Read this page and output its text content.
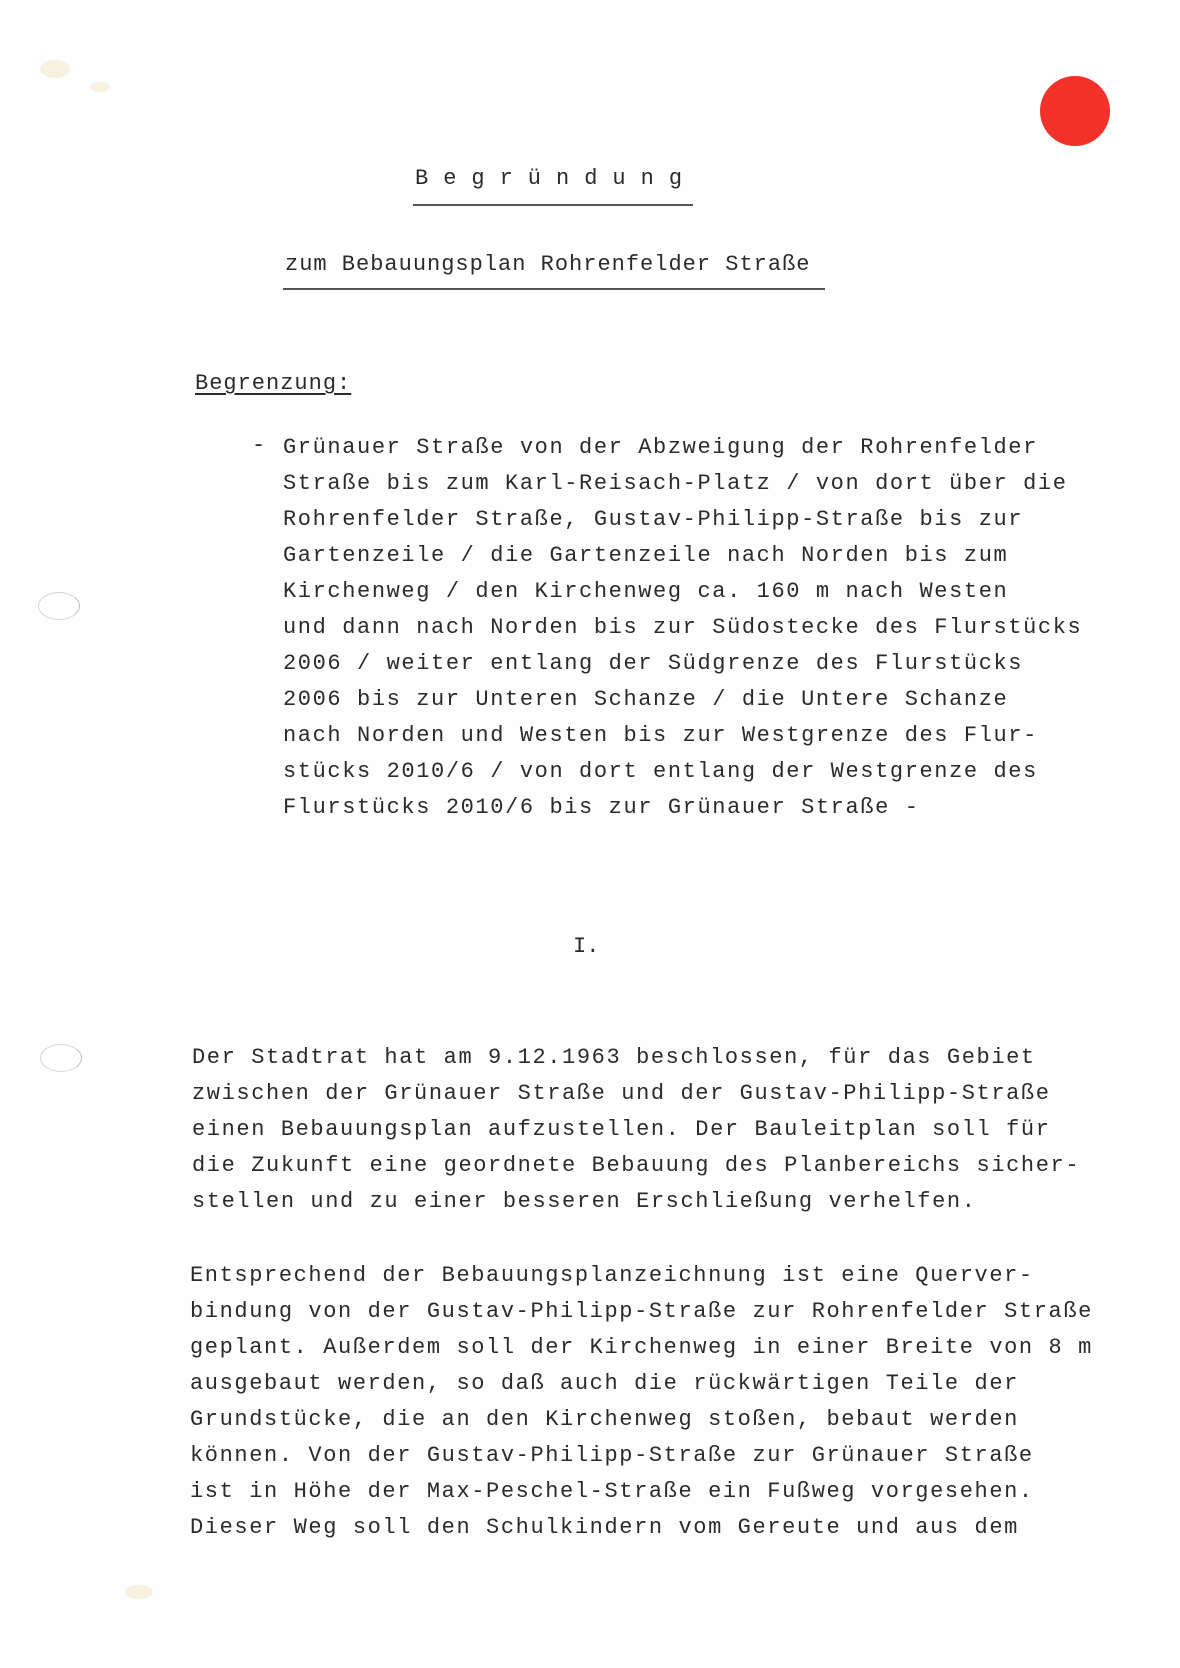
Begründung
zum Bebauungsplan Rohrenfelder Straße
Begrenzung:
- Grünauer Straße von der Abzweigung der Rohrenfelder
Straße bis zum Karl-Reisach-Platz / von dort über die
Rohrenfelder Straße, Gustav-Philipp-Straße bis zur
Gartenzeile / die Gartenzeile nach Norden bis zum
Kirchenweg / den Kirchenweg ca. 160 m nach Westen
und dann nach Norden bis zur Südostecke des Flurstücks
2006 / weiter entlang der Südgrenze des Flurstücks
2006 bis zur Unteren Schanze / die Untere Schanze
nach Norden und Westen bis zur Westgrenze des Flur-
stücks 2010/6 / von dort entlang der Westgrenze des
Flurstücks 2010/6 bis zur Grünauer Straße -
I.
Der Stadtrat hat am 9.12.1963 beschlossen, für das Gebiet
zwischen der Grünauer Straße und der Gustav-Philipp-Straße
einen Bebauungsplan aufzustellen. Der Bauleitplan soll für
die Zukunft eine geordnete Bebauung des Planbereichs sicher-
stellen und zu einer besseren Erschließung verhelfen.
Entsprechend der Bebauungsplanzeichnung ist eine Querver-
bindung von der Gustav-Philipp-Straße zur Rohrenfelder Straße
geplant. Außerdem soll der Kirchenweg in einer Breite von 8 m
ausgebaut werden, so daß auch die rückwärtigen Teile der
Grundstücke, die an den Kirchenweg stoßen, bebaut werden
können. Von der Gustav-Philipp-Straße zur Grünauer Straße
ist in Höhe der Max-Peschel-Straße ein Fußweg vorgesehen.
Dieser Weg soll den Schulkindern vom Gereute und aus dem
